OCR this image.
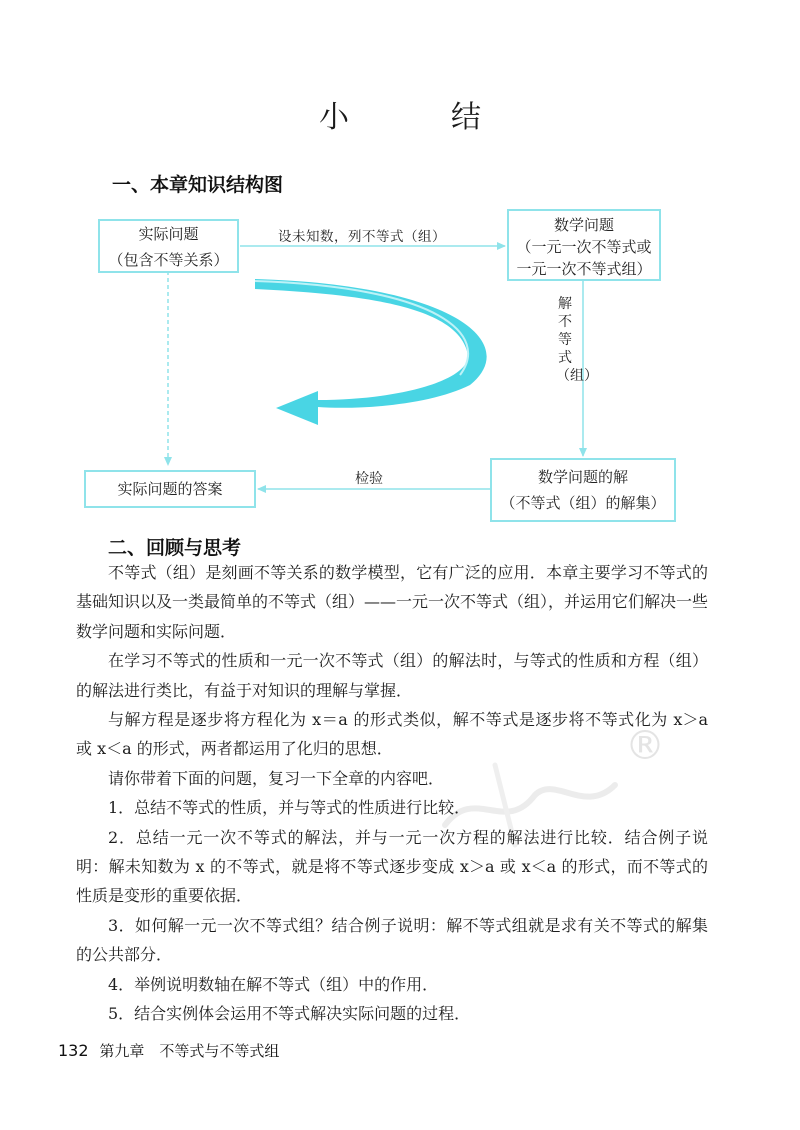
小　结
一、本章知识结构图
实际问题
（包含不等关系）
数学问题
（一元一次不等式或
一元一次不等式组）
数学问题的解
（不等式（组）的解集）
实际问题的答案
设未知数，列不等式（组）
解不等式（组）
检验
二、回顾与思考
®

不等式（组）是刻画不等关系的数学模型，它有广泛的应用．本章主要学习不等式的基础知识以及一类最简单的不等式（组）——一元一次不等式（组），并运用它们解决一些数学问题和实际问题．

在学习不等式的性质和一元一次不等式（组）的解法时，与等式的性质和方程（组）的解法进行类比，有益于对知识的理解与掌握．

与解方程是逐步将方程化为 x＝a 的形式类似，解不等式是逐步将不等式化为 x＞a 或 x＜a 的形式，两者都运用了化归的思想．

请你带着下面的问题，复习一下全章的内容吧．

1．总结不等式的性质，并与等式的性质进行比较．

2．总结一元一次不等式的解法，并与一元一次方程的解法进行比较．结合例子说明：解未知数为 x 的不等式，就是将不等式逐步变成 x＞a 或 x＜a 的形式，而不等式的性质是变形的重要依据．

3．如何解一元一次不等式组？结合例子说明：解不等式组就是求有关不等式的解集的公共部分．

4．举例说明数轴在解不等式（组）中的作用．

5．结合实例体会运用不等式解决实际问题的过程．

132 第九章　不等式与不等式组
